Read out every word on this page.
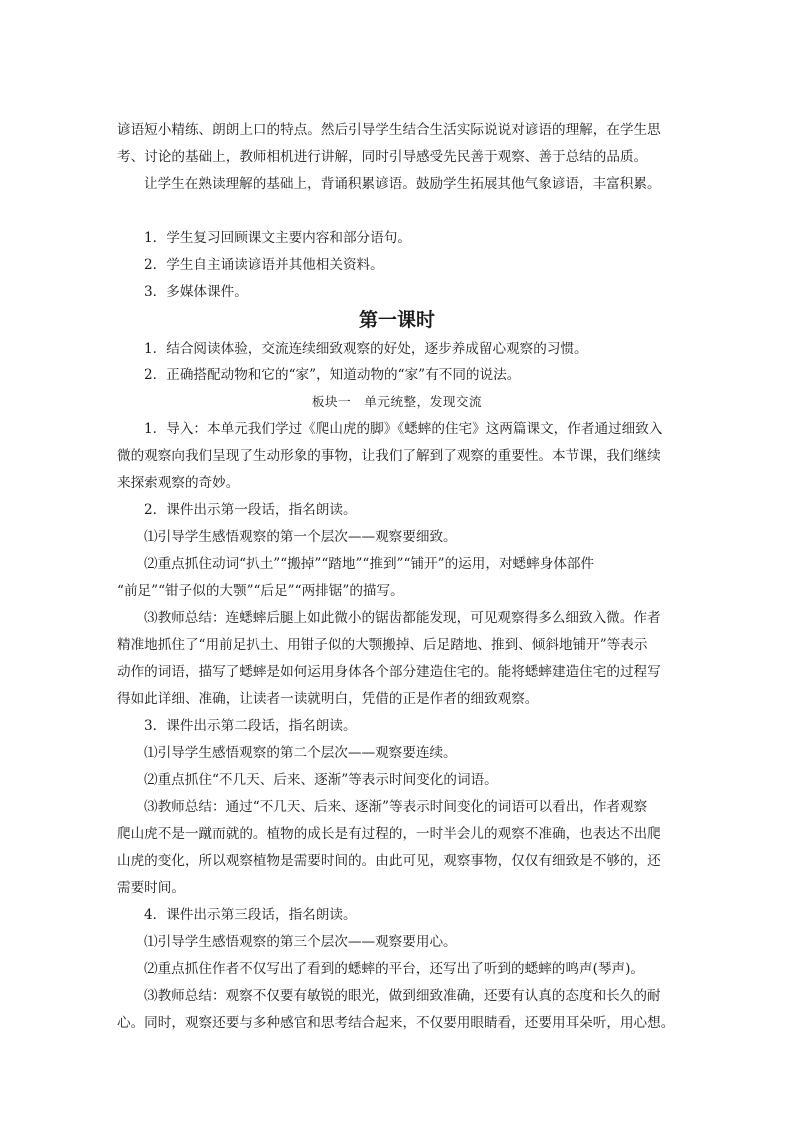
谚语短小精练、朗朗上口的特点。然后引导学生结合生活实际说说对谚语的理解，在学生思
考、讨论的基础上，教师相机进行讲解，同时引导感受先民善于观察、善于总结的品质。
让学生在熟读理解的基础上，背诵积累谚语。鼓励学生拓展其他气象谚语，丰富积累。
1．学生复习回顾课文主要内容和部分语句。
2．学生自主诵读谚语并其他相关资料。
3．多媒体课件。
第一课时
1．结合阅读体验，交流连续细致观察的好处，逐步养成留心观察的习惯。
2．正确搭配动物和它的“家”，知道动物的“家”有不同的说法。
板块一　单元统整，发现交流
1．导入：本单元我们学过《爬山虎的脚》《蟋蟀的住宅》这两篇课文，作者通过细致入
微的观察向我们呈现了生动形象的事物，让我们了解到了观察的重要性。本节课，我们继续
来探索观察的奇妙。
2．课件出示第一段话，指名朗读。
⑴引导学生感悟观察的第一个层次——观察要细致。
⑵重点抓住动词“扒土”“搬掉”“踏地”“推到”“铺开”的运用，对蟋蟀身体部件
“前足”“钳子似的大颚”“后足”“两排锯”的描写。
⑶教师总结：连蟋蟀后腿上如此微小的锯齿都能发现，可见观察得多么细致入微。作者
精准地抓住了“用前足扒土、用钳子似的大颚搬掉、后足踏地、推到、倾斜地铺开”等表示
动作的词语，描写了蟋蟀是如何运用身体各个部分建造住宅的。能将蟋蟀建造住宅的过程写
得如此详细、准确，让读者一读就明白，凭借的正是作者的细致观察。
3．课件出示第二段话，指名朗读。
⑴引导学生感悟观察的第二个层次——观察要连续。
⑵重点抓住“不几天、后来、逐渐”等表示时间变化的词语。
⑶教师总结：通过“不几天、后来、逐渐”等表示时间变化的词语可以看出，作者观察
爬山虎不是一蹴而就的。植物的成长是有过程的，一时半会儿的观察不准确，也表达不出爬
山虎的变化，所以观察植物是需要时间的。由此可见，观察事物，仅仅有细致是不够的，还
需要时间。
4．课件出示第三段话，指名朗读。
⑴引导学生感悟观察的第三个层次——观察要用心。
⑵重点抓住作者不仅写出了看到的蟋蟀的平台，还写出了听到的蟋蟀的鸣声(琴声)。
⑶教师总结：观察不仅要有敏锐的眼光，做到细致准确，还要有认真的态度和长久的耐
心。同时，观察还要与多种感官和思考结合起来，不仅要用眼睛看，还要用耳朵听，用心想。
